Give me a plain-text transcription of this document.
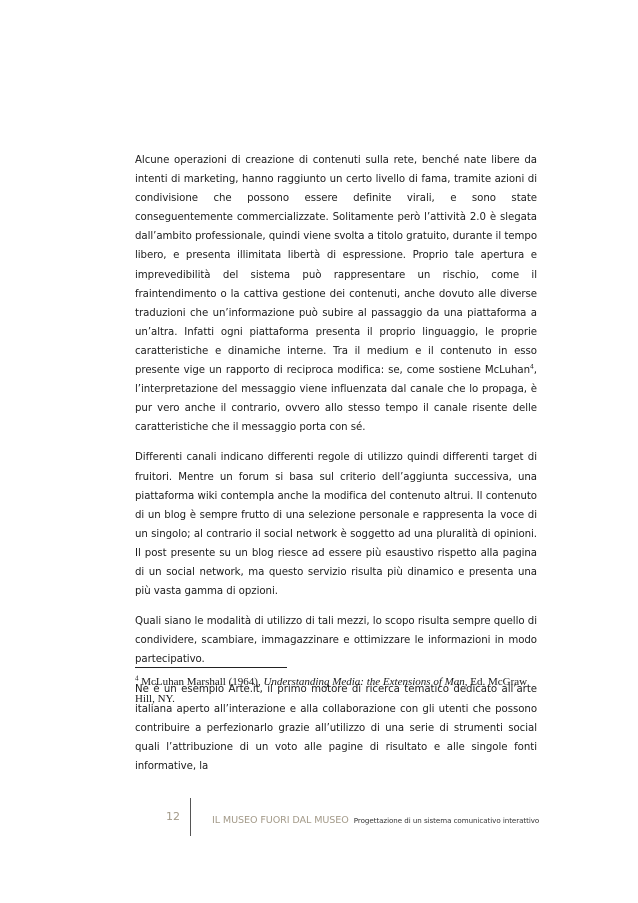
Alcune operazioni di creazione di contenuti sulla rete, benché nate libere da intenti di marketing, hanno raggiunto un certo livello di fama, tramite azioni di condivisione che possono essere definite virali, e sono state conseguentemente commercializzate. Solitamente però l’attività 2.0 è slegata dall’ambito professionale, quindi viene svolta a titolo gratuito, durante il tempo libero, e presenta illimitata libertà di espressione. Proprio tale apertura e imprevedibilità del sistema può rappresentare un rischio, come il fraintendimento o la cattiva gestione dei contenuti, anche dovuto alle diverse traduzioni che un’informazione può subire al passaggio da una piattaforma a un’altra. Infatti ogni piattaforma presenta il proprio linguaggio, le proprie caratteristiche e dinamiche interne. Tra il medium e il contenuto in esso presente vige un rapporto di reciproca modifica: se, come sostiene McLuhan$^4$, l’interpretazione del messaggio viene influenzata dal canale che lo propaga, è pur vero anche il contrario, ovvero allo stesso tempo il canale risente delle caratteristiche che il messaggio porta con sé.

Differenti canali indicano differenti regole di utilizzo quindi differenti target di fruitori. Mentre un forum si basa sul criterio dell’aggiunta successiva, una piattaforma wiki contempla anche la modifica del contenuto altrui. Il contenuto di un blog è sempre frutto di una selezione personale e rappresenta la voce di un singolo; al contrario il social network è soggetto ad una pluralità di opinioni. Il post presente su un blog riesce ad essere più esaustivo rispetto alla pagina di un social network, ma questo servizio risulta più dinamico e presenta una più vasta gamma di opzioni.

Quali siano le modalità di utilizzo di tali mezzi, lo scopo risulta sempre quello di condividere, scambiare, immagazzinare e ottimizzare le informazioni in modo partecipativo.

Ne è un esempio Arte.it, il primo motore di ricerca tematico dedicato all’arte italiana aperto all’interazione e alla collaborazione con gli utenti che possono contribuire a perfezionarlo grazie all’utilizzo di una serie di strumenti social quali l’attribuzione di un voto alle pagine di risultato e alle singole fonti informative, la

$^4$ McLuhan Marshall (1964), Understanding Media: the Extensions of Man, Ed. McGraw Hill, NY.
12	IL MUSEO FUORI DAL MUSEO Progettazione di un sistema comunicativo interattivo
